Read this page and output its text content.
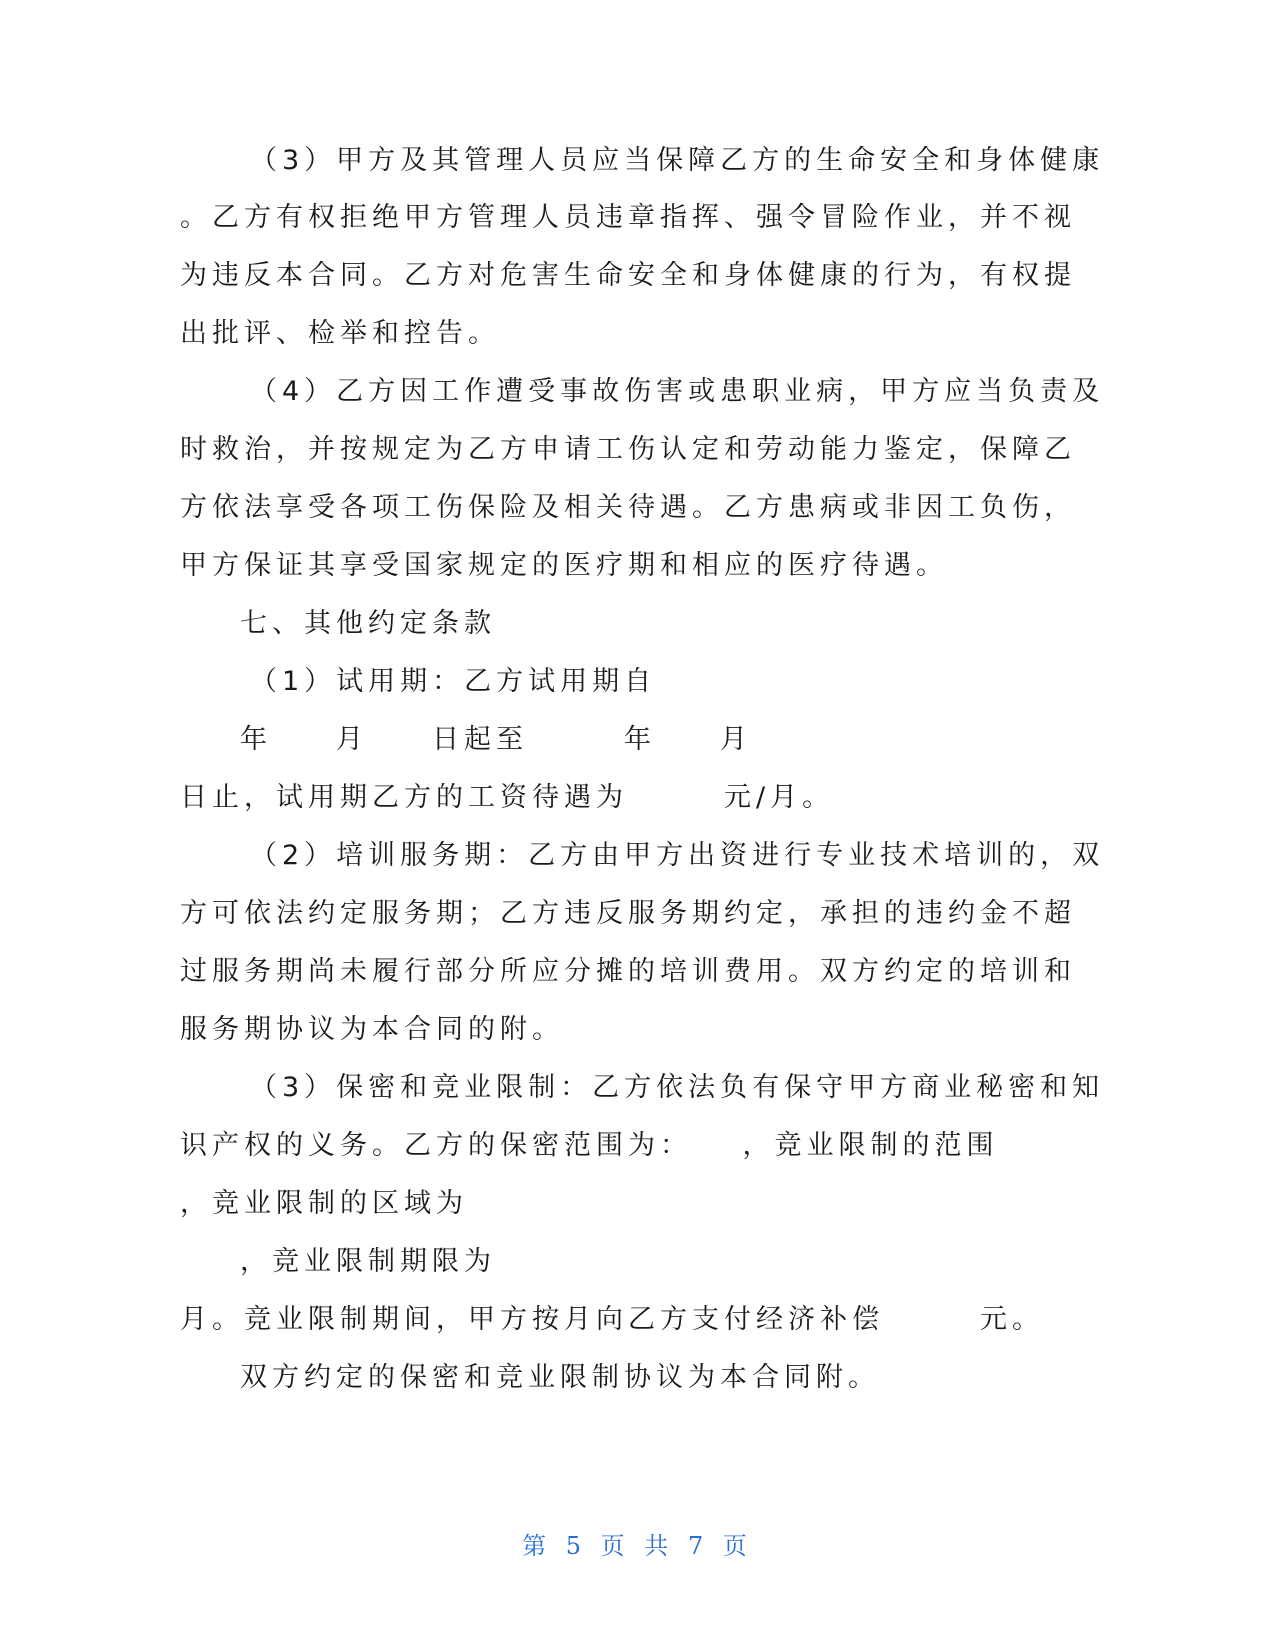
（3）甲方及其管理人员应当保障乙方的生命安全和身体健康
。乙方有权拒绝甲方管理人员违章指挥、强令冒险作业，并不视
为违反本合同。乙方对危害生命安全和身体健康的行为，有权提
出批评、检举和控告。
（4）乙方因工作遭受事故伤害或患职业病，甲方应当负责及
时救治，并按规定为乙方申请工伤认定和劳动能力鉴定，保障乙
方依法享受各项工伤保险及相关待遇。乙方患病或非因工负伤，
甲方保证其享受国家规定的医疗期和相应的医疗待遇。
七、其他约定条款
（1）试用期：乙方试用期自
年　　月　　日起至　　　年　　月
日止，试用期乙方的工资待遇为　　　元/月。
（2）培训服务期：乙方由甲方出资进行专业技术培训的，双
方可依法约定服务期；乙方违反服务期约定，承担的违约金不超
过服务期尚未履行部分所应分摊的培训费用。双方约定的培训和
服务期协议为本合同的附。
（3）保密和竞业限制：乙方依法负有保守甲方商业秘密和知
识产权的义务。乙方的保密范围为：　　，竞业限制的范围
，竞业限制的区域为
，竞业限制期限为
月。竞业限制期间，甲方按月向乙方支付经济补偿　　　元。
双方约定的保密和竞业限制协议为本合同附。
第 5 页 共 7 页
